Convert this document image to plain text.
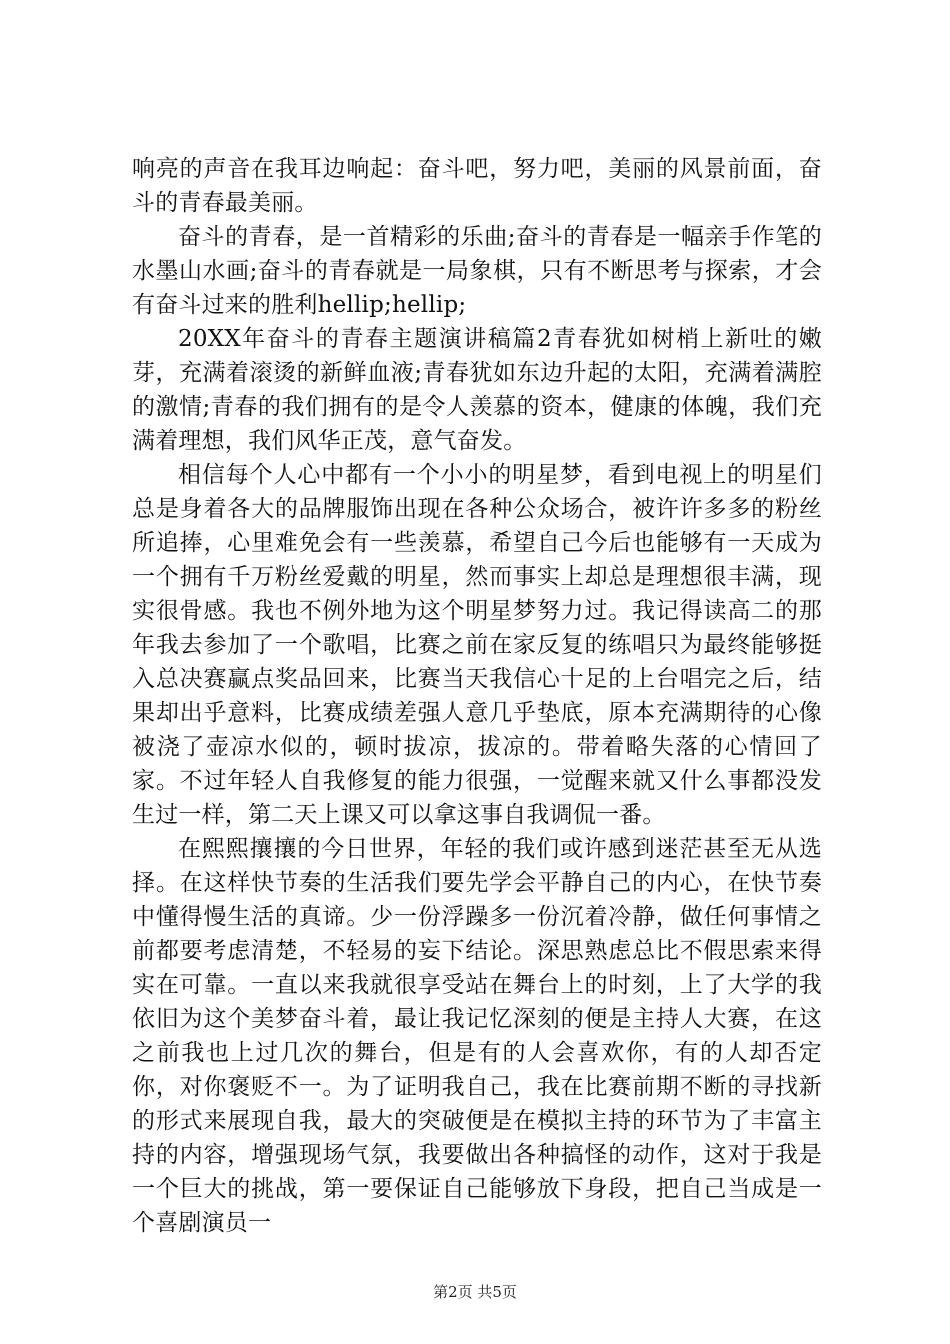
响亮的声音在我耳边响起：奋斗吧，努力吧，美丽的风景前面，奋斗的青春最美丽。

奋斗的青春，是一首精彩的乐曲;奋斗的青春是一幅亲手作笔的水墨山水画;奋斗的青春就是一局象棋，只有不断思考与探索，才会有奋斗过来的胜利hellip;hellip;

20XX年奋斗的青春主题演讲稿篇2青春犹如树梢上新吐的嫩芽，充满着滚烫的新鲜血液;青春犹如东边升起的太阳，充满着满腔的激情;青春的我们拥有的是令人羡慕的资本，健康的体魄，我们充满着理想，我们风华正茂，意气奋发。

相信每个人心中都有一个小小的明星梦，看到电视上的明星们总是身着各大的品牌服饰出现在各种公众场合，被许许多多的粉丝所追捧，心里难免会有一些羡慕，希望自己今后也能够有一天成为一个拥有千万粉丝爱戴的明星，然而事实上却总是理想很丰满，现实很骨感。我也不例外地为这个明星梦努力过。我记得读高二的那年我去参加了一个歌唱，比赛之前在家反复的练唱只为最终能够挺入总决赛赢点奖品回来，比赛当天我信心十足的上台唱完之后，结果却出乎意料，比赛成绩差强人意几乎垫底，原本充满期待的心像被浇了壶凉水似的，顿时拔凉，拔凉的。带着略失落的心情回了家。不过年轻人自我修复的能力很强，一觉醒来就又什么事都没发生过一样，第二天上课又可以拿这事自我调侃一番。

在熙熙攘攘的今日世界，年轻的我们或许感到迷茫甚至无从选择。在这样快节奏的生活我们要先学会平静自己的内心，在快节奏中懂得慢生活的真谛。少一份浮躁多一份沉着冷静，做任何事情之前都要考虑清楚，不轻易的妄下结论。深思熟虑总比不假思索来得实在可靠。一直以来我就很享受站在舞台上的时刻，上了大学的我依旧为这个美梦奋斗着，最让我记忆深刻的便是主持人大赛，在这之前我也上过几次的舞台，但是有的人会喜欢你，有的人却否定你，对你褒贬不一。为了证明我自己，我在比赛前期不断的寻找新的形式来展现自我，最大的突破便是在模拟主持的环节为了丰富主持的内容，增强现场气氛，我要做出各种搞怪的动作，这对于我是一个巨大的挑战，第一要保证自己能够放下身段，把自己当成是一个喜剧演员一

第2页 共5页
